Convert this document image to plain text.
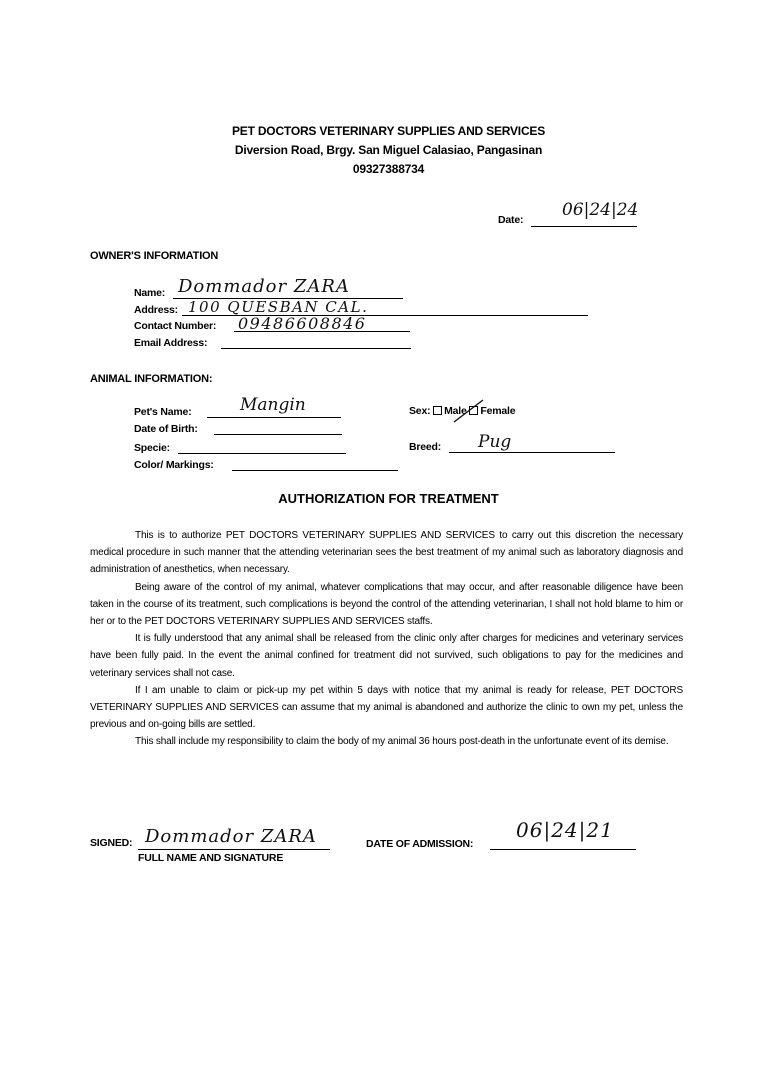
PET DOCTORS VETERINARY SUPPLIES AND SERVICES
Diversion Road, Brgy. San Miguel Calasiao, Pangasinan
09327388734
Date: 06|24|24
OWNER'S INFORMATION
Name: Dommador ZARA
Address: 100 QUESBAN CAL.
Contact Number: 09486608846
Email Address:
ANIMAL INFORMATION:
Pet's Name:	Mangin
Date of Birth:
Specie:
Color/ Markings:
Sex: Male Female
Breed: Pug
AUTHORIZATION FOR TREATMENT

This is to authorize PET DOCTORS VETERINARY SUPPLIES AND SERVICES to carry out this discretion the necessary medical procedure in such manner that the attending veterinarian sees the best treatment of my animal such as laboratory diagnosis and administration of anesthetics, when necessary.

Being aware of the control of my animal, whatever complications that may occur, and after reasonable diligence have been taken in the course of its treatment, such complications is beyond the control of the attending veterinarian, I shall not hold blame to him or her or to the PET DOCTORS VETERINARY SUPPLIES AND SERVICES staffs.

It is fully understood that any animal shall be released from the clinic only after charges for medicines and veterinary services have been fully paid. In the event the animal confined for treatment did not survived, such obligations to pay for the medicines and veterinary services shall not case.

If I am unable to claim or pick-up my pet within 5 days with notice that my animal is ready for release, PET DOCTORS VETERINARY SUPPLIES AND SERVICES can assume that my animal is abandoned and authorize the clinic to own my pet, unless the previous and on-going bills are settled.

This shall include my responsibility to claim the body of my animal 36 hours post-death in the unfortunate event of its demise.

SIGNED: Dommador ZARA
FULL NAME AND SIGNATURE
DATE OF ADMISSION:
06|24|21
